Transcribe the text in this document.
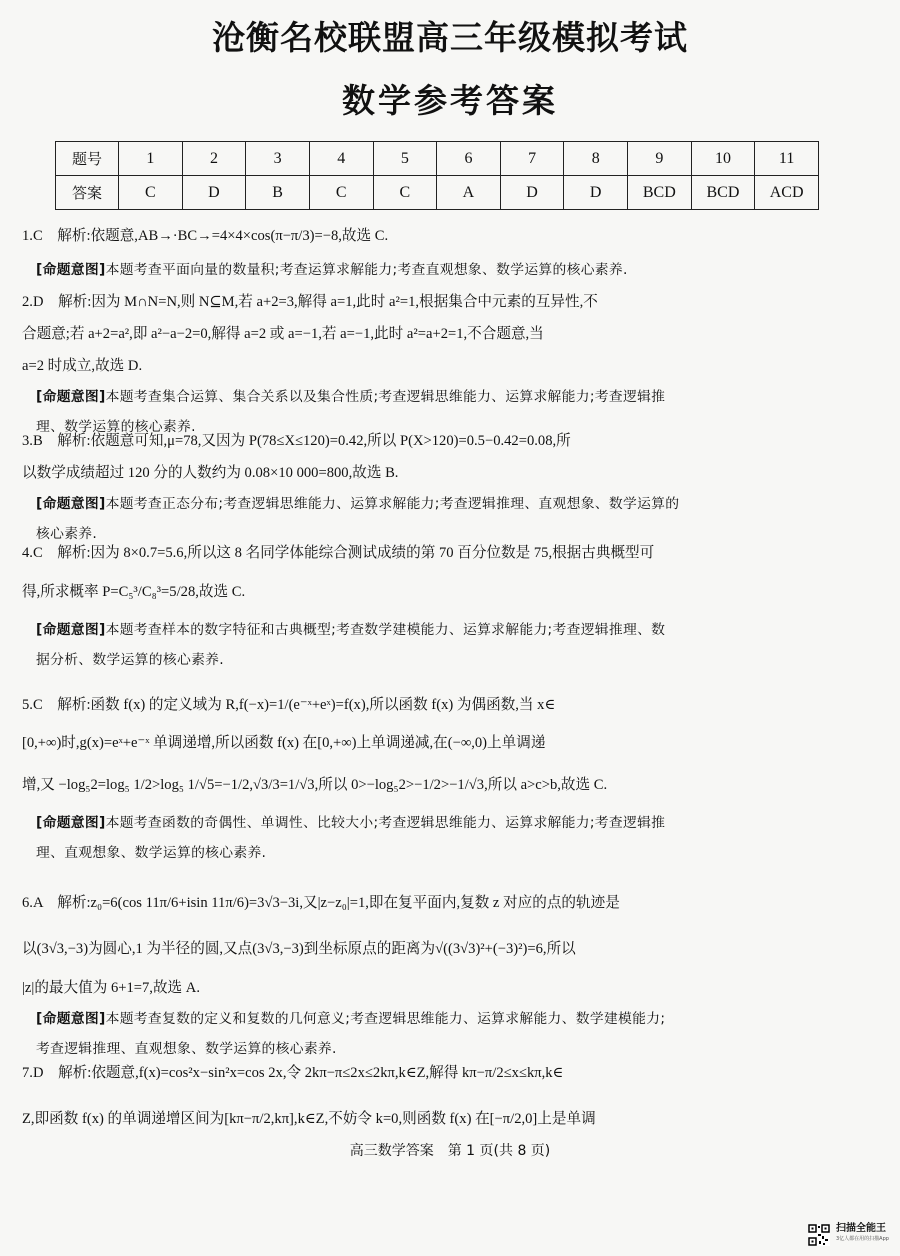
沧衡名校联盟高三年级模拟考试
数学参考答案
题号	1	2	3	4	5	6	7	8	9	10	11
答案	C	D	B	C	C	A	D	D	BCD	BCD	ACD
1.C　解析:依题意,AB→·BC→=4×4×cos(π−π/3)=−8,故选 C.
[命题意图]本题考查平面向量的数量积;考查运算求解能力;考查直观想象、数学运算的核心素养.
2.D　解析:因为 M∩N=N,则 N⊆M,若 a+2=3,解得 a=1,此时 a²=1,根据集合中元素的互异性,不
合题意;若 a+2=a²,即 a²−a−2=0,解得 a=2 或 a=−1,若 a=−1,此时 a²=a+2=1,不合题意,当
a=2 时成立,故选 D.
[命题意图]本题考查集合运算、集合关系以及集合性质;考查逻辑思维能力、运算求解能力;考查逻辑推
理、数学运算的核心素养.
3.B　解析:依题意可知,μ=78,又因为 P(78≤X≤120)=0.42,所以 P(X>120)=0.5−0.42=0.08,所
以数学成绩超过 120 分的人数约为 0.08×10 000=800,故选 B.
[命题意图]本题考查正态分布;考查逻辑思维能力、运算求解能力;考查逻辑推理、直观想象、数学运算的
核心素养.
4.C　解析:因为 8×0.7=5.6,所以这 8 名同学体能综合测试成绩的第 70 百分位数是 75,根据古典概型可
得,所求概率 P=C₅³/C₈³=5/28,故选 C.
[命题意图]本题考查样本的数字特征和古典概型;考查数学建模能力、运算求解能力;考查逻辑推理、数
据分析、数学运算的核心素养.
5.C　解析:函数 f(x) 的定义域为 R,f(−x)=1/(e⁻ˣ+eˣ)=f(x),所以函数 f(x) 为偶函数,当 x∈
[0,+∞)时,g(x)=eˣ+e⁻ˣ 单调递增,所以函数 f(x) 在[0,+∞)上单调递减,在(−∞,0)上单调递
增,又 −log₅2=log₅ 1/2>log₅ 1/√5=−1/2,√3/3=1/√3,所以 0>−log₅2>−1/2>−1/√3,所以 a>c>b,故选 C.
[命题意图]本题考查函数的奇偶性、单调性、比较大小;考查逻辑思维能力、运算求解能力;考查逻辑推
理、直观想象、数学运算的核心素养.
6.A　解析:z₀=6(cos 11π/6+isin 11π/6)=3√3−3i,又|z−z₀|=1,即在复平面内,复数 z 对应的点的轨迹是
以(3√3,−3)为圆心,1 为半径的圆,又点(3√3,−3)到坐标原点的距离为√((3√3)²+(−3)²)=6,所以
|z|的最大值为 6+1=7,故选 A.
[命题意图]本题考查复数的定义和复数的几何意义;考查逻辑思维能力、运算求解能力、数学建模能力;
考查逻辑推理、直观想象、数学运算的核心素养.
7.D　解析:依题意,f(x)=cos²x−sin²x=cos 2x,令 2kπ−π≤2x≤2kπ,k∈Z,解得 kπ−π/2≤x≤kπ,k∈
Z,即函数 f(x) 的单调递增区间为[kπ−π/2,kπ],k∈Z,不妨令 k=0,则函数 f(x) 在[−π/2,0]上是单调
高三数学答案　第 1 页(共 8 页)
扫描全能王
3亿人都在用的扫描App
